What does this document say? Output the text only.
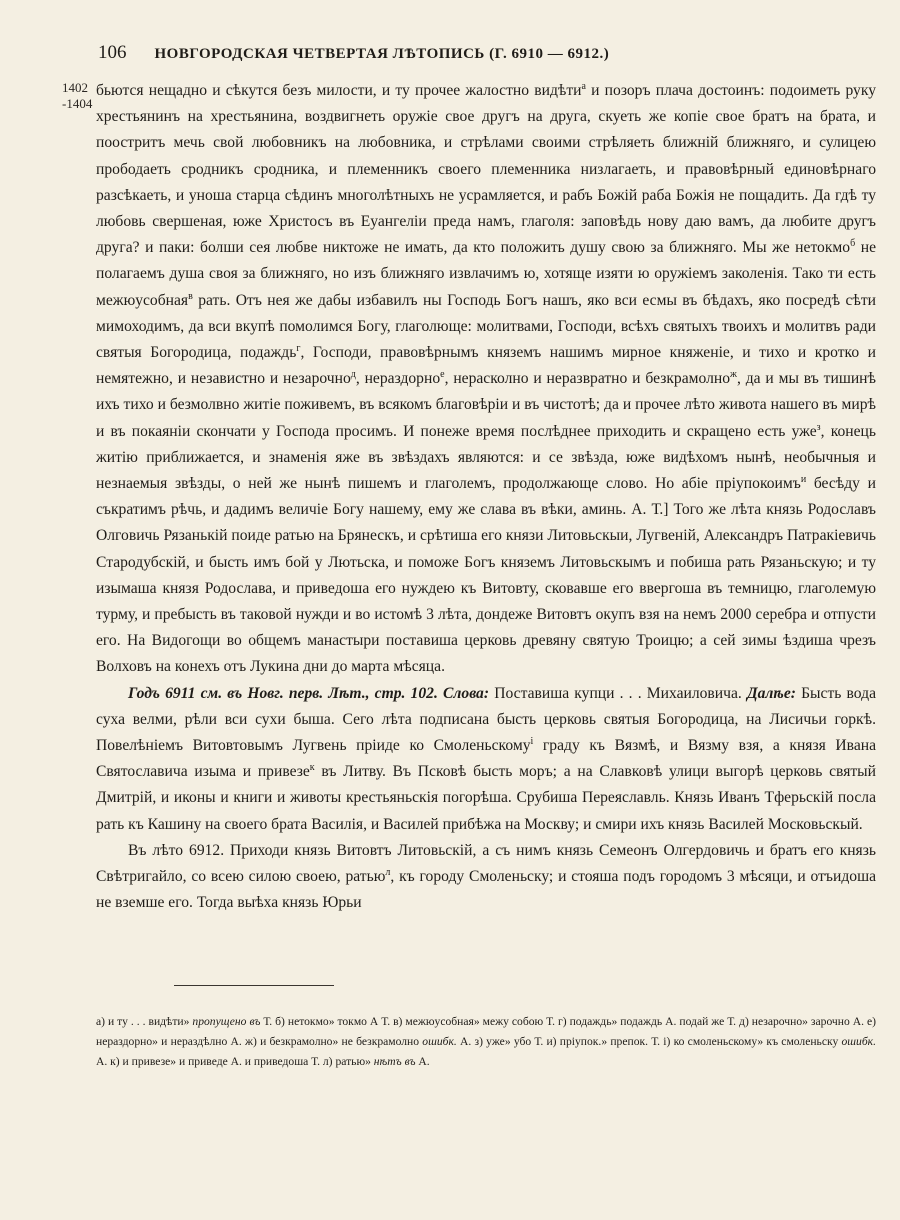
106 НОВГОРОДСКАЯ ЧЕТВЕРТАЯ ЛѢТОПИСЬ (Г. 6910 — 6912.)
1402
-1404

бьются нещадно и сѣкутся безъ милости, и ту прочее жалостно видѣти$^а$ и позоръ плача достоинъ: подоиметь руку хрестьянинъ на хрестьянина, воздвигнеть оружіе свое другъ на друга, скуеть же копіе свое братъ на брата, и поостритъ мечь свой любовникъ на любовника, и стрѣлами своими стрѣляеть ближній ближняго, и сулицею прободаеть сродникъ сродника, и племенникъ своего племенника низлагаеть, и правовѣрный единовѣрнаго разсѣкаеть, и уноша старца сѣдинъ многолѣтныхъ не усрамляется, и рабъ Божій раба Божія не пощадить. Да гдѣ ту любовь свершеная, юже Христосъ въ Еуангеліи преда намъ, глаголя: заповѣдь нову даю вамъ, да любите другъ друга? и паки: болши сея любве никтоже не имать, да кто положить душу свою за ближняго. Мы же нетокмо$^б$ не полагаемъ душа своя за ближняго, но изъ ближняго извлачимъ ю, хотяще изяти ю оружіемъ заколенія. Тако ти есть межюусобная$^в$ рать. Отъ нея же дабы избавилъ ны Господь Богъ нашъ, яко вси есмы въ бѣдахъ, яко посредѣ сѣти мимоходимъ, да вси вкупѣ помолимся Богу, глаголюще: молитвами, Господи, всѣхъ святыхъ твоихъ и молитвъ ради святыя Богородица, подаждь$^г$, Господи, правовѣрнымъ княземъ нашимъ мирное княженіе, и тихо и кротко и немятежно, и независтно и незарочно$^д$, нераздорно$^е$, нерасколно и неразвратно и безкрамолно$^ж$, да и мы въ тишинѣ ихъ тихо и безмолвно житіе поживемъ, въ всякомъ благовѣріи и въ чистотѣ; да и прочее лѣто живота нашего въ мирѣ и въ покаяніи скончати у Господа просимъ. И понеже время послѣднее приходить и скращено есть уже$^з$, конець житію приближается, и знаменія яже въ звѣздахъ являются: и се звѣзда, юже видѣхомъ нынѣ, необычныя и незнаемыя звѣзды, о ней же нынѣ пишемъ и глаголемъ, продолжающе слово. Но абіе пріупокоимъ$^и$ бесѣду и съкратимъ рѣчь, и дадимъ величіе Богу нашему, ему же слава въ вѣки, аминь. А. Т.] Того же лѣта князь Родославъ Олговичь Рязанькій поиде ратью на Брянескъ, и срѣтиша его князи Литовьскыи, Лугвеній, Александръ Патракіевичь Стародубскій, и бысть имъ бой у Лютьска, и поможе Богъ княземъ Литовьскымъ и побиша рать Рязаньскую; и ту изымаша князя Родослава, и приведоша его нуждею къ Витовту, сковавше его ввергоша въ темницю, глаголемую турму, и пребысть въ таковой нужди и во истомѣ 3 лѣта, дондеже Витовтъ окупъ взя на немъ 2000 серебра и отпусти его. На Видогощи во общемъ манастыри поставиша церковь древяну святую Троицю; а сей зимы ѣздиша чрезъ Волховъ на конехъ отъ Лукина дни до марта мѣсяца.

Годъ 6911 см. въ Новг. перв. Лѣт., стр. 102. Слова: Поставиша купци . . . Михаиловича. Далѣе: Бысть вода суха велми, рѣли вси сухи быша. Сего лѣта подписана бысть церковь святыя Богородица, на Лисичьи горкѣ. Повелѣніемъ Витовтовымъ Лугвень пріиде ко Смоленьскому$^і$ граду къ Вязмѣ, и Вязму взя, а князя Ивана Святославича изыма и привезе$^к$ въ Литву. Въ Псковѣ бысть моръ; а на Славковѣ улици выгорѣ церковь святый Дмитрій, и иконы и книги и животы крестьяньскія погорѣша. Срубиша Переяславль. Князь Иванъ Тферьскій посла рать къ Кашину на своего брата Василія, и Василей прибѣжа на Москву; и смири ихъ князь Василей Московьскый.

Въ лѣто 6912. Приходи князь Витовтъ Литовьскій, а съ нимъ князь Семеонъ Олгердовичь и братъ его князь Свѣтригайло, со всею силою своею, ратью$^л$, къ городу Смоленьску; и стояша подъ городомъ 3 мѣсяци, и отъидоша не вземше его. Тогда выѣха князь Юрьи

а) и ту . . . видѣти» пропущено въ Т. б) нетокмо» токмо А Т. в) межюусобная» межу собою Т. г) подаждь» подаждь А. подай же Т. д) незарочно» зарочно А. е) нераздорно» и нераздѣлно А. ж) и безкрамолно» не безкрамолно ошибк. А. з) уже» убо Т. и) пріупок.» препок. Т. і) ко смоленьскому» къ смоленьску ошибк. А. к) и привезе» и приведе А. и приведоша Т. л) ратью» нѣтъ въ А.
